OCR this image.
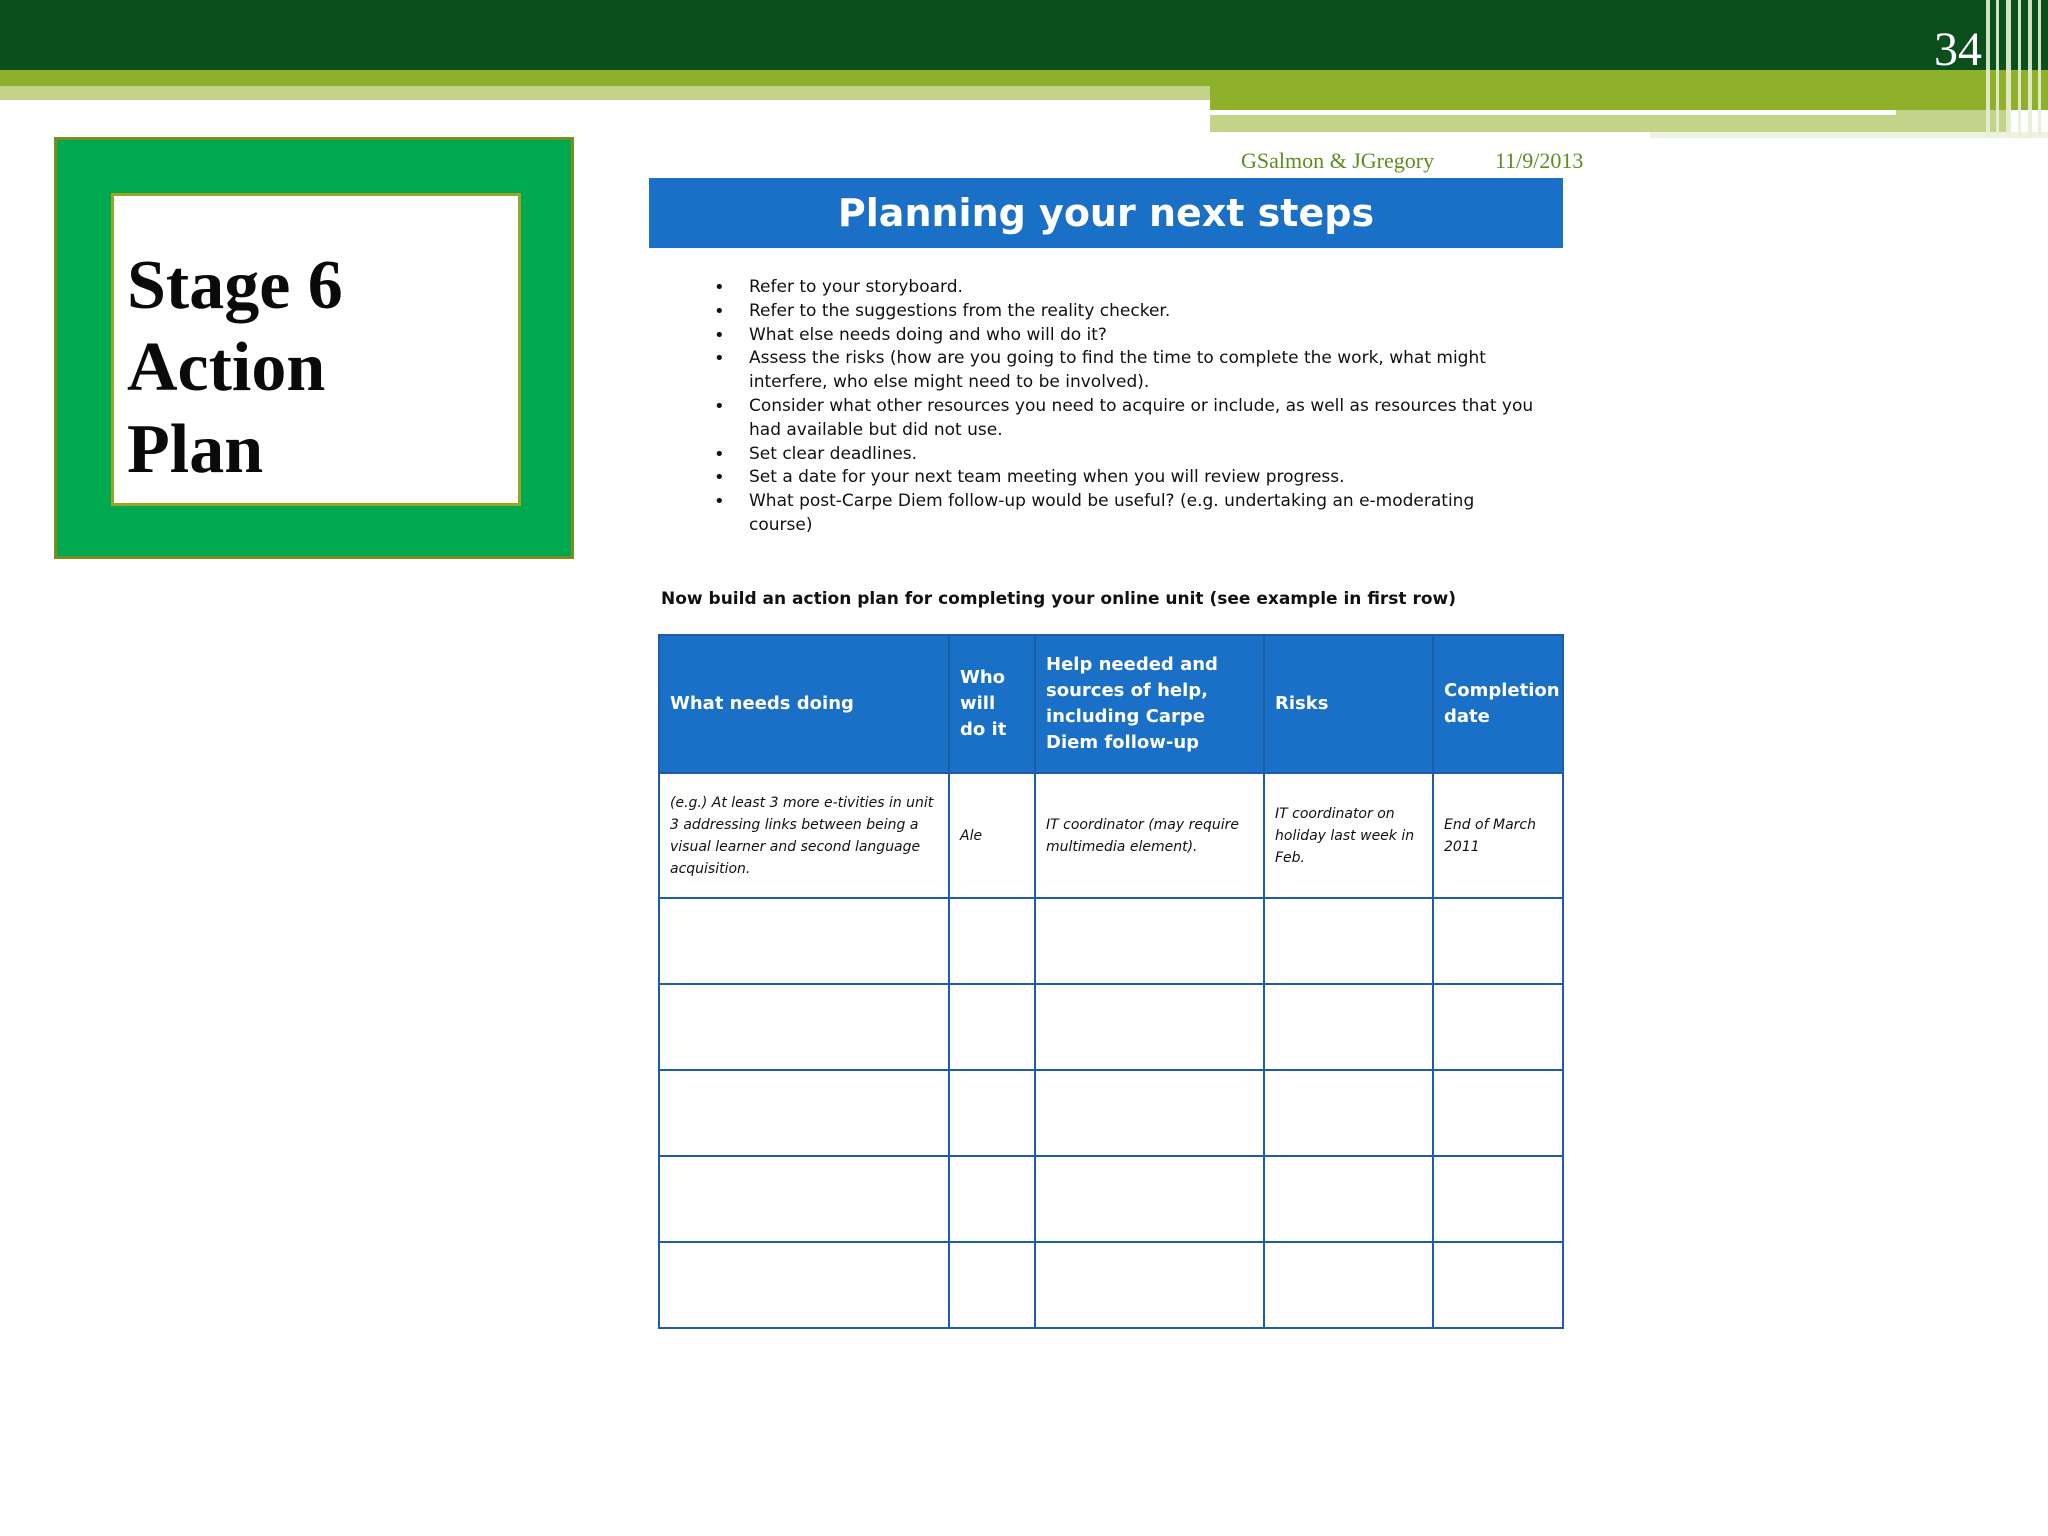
34
Stage 6
Action
Plan
GSalmon & JGregory	11/9/2013
Planning your next steps
• Refer to your storyboard.
• Refer to the suggestions from the reality checker.
• What else needs doing and who will do it?
• Assess the risks (how are you going to find the time to complete the work, what might interfere, who else might need to be involved).
• Consider what other resources you need to acquire or include, as well as resources that you had available but did not use.
• Set clear deadlines.
• Set a date for your next team meeting when you will review progress.
• What post-Carpe Diem follow-up would be useful? (e.g. undertaking an e-moderating course)
Now build an action plan for completing your online unit (see example in first row)
What needs doing	Who will do it	Help needed and sources of help, including Carpe Diem follow-up	Risks	Completion date
(e.g.) At least 3 more e-tivities in unit 3 addressing links between being a visual learner and second language acquisition.	Ale	IT coordinator (may require multimedia element).	IT coordinator on holiday last week in Feb.	End of March 2011
